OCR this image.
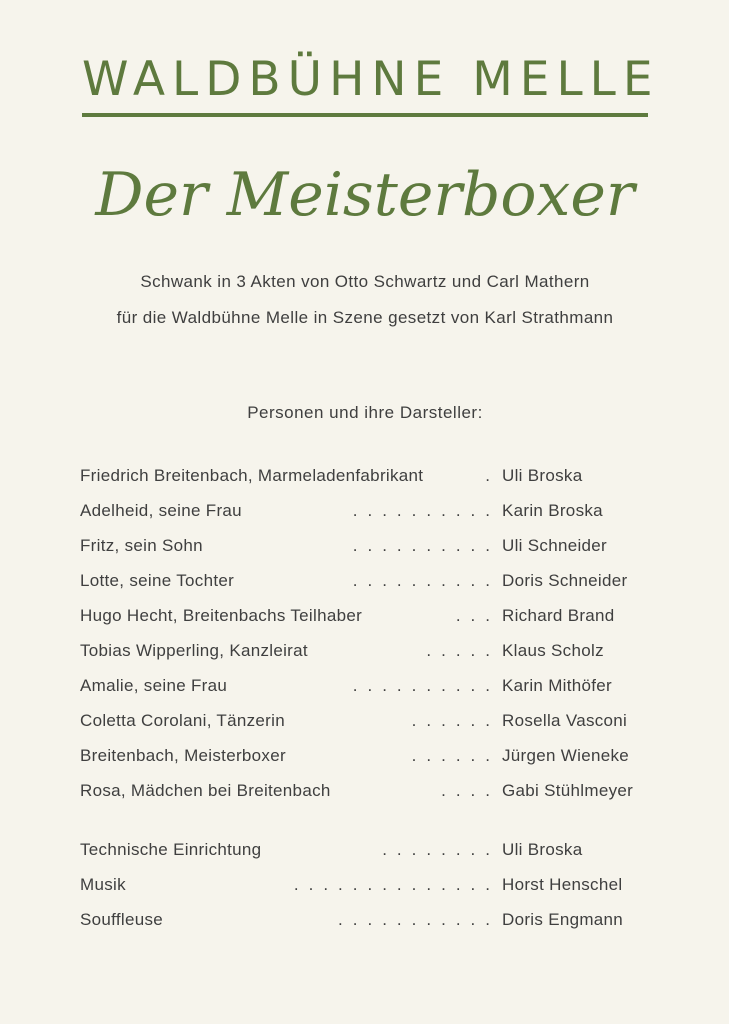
WALDBÜHNE MELLE
Der Meisterboxer
Schwank in 3 Akten von Otto Schwartz und Carl Mathern
für die Waldbühne Melle in Szene gesetzt von Karl Strathmann
Personen und ihre Darsteller:
Friedrich Breitenbach, Marmeladenfabrikant	. Uli Broska
Adelheid, seine Frau	.......... Karin Broska
Fritz, sein Sohn	.......... Uli Schneider
Lotte, seine Tochter	.......... Doris Schneider
Hugo Hecht, Breitenbachs Teilhaber	... Richard Brand
Tobias Wipperling, Kanzleirat	..... Klaus Scholz
Amalie, seine Frau	.......... Karin Mithöfer
Coletta Corolani, Tänzerin	...... Rosella Vasconi
Breitenbach, Meisterboxer	...... Jürgen Wieneke
Rosa, Mädchen bei Breitenbach	.... Gabi Stühlmeyer
Technische Einrichtung	........ Uli Broska
Musik	.............. Horst Henschel
Souffleuse	........... Doris Engmann
